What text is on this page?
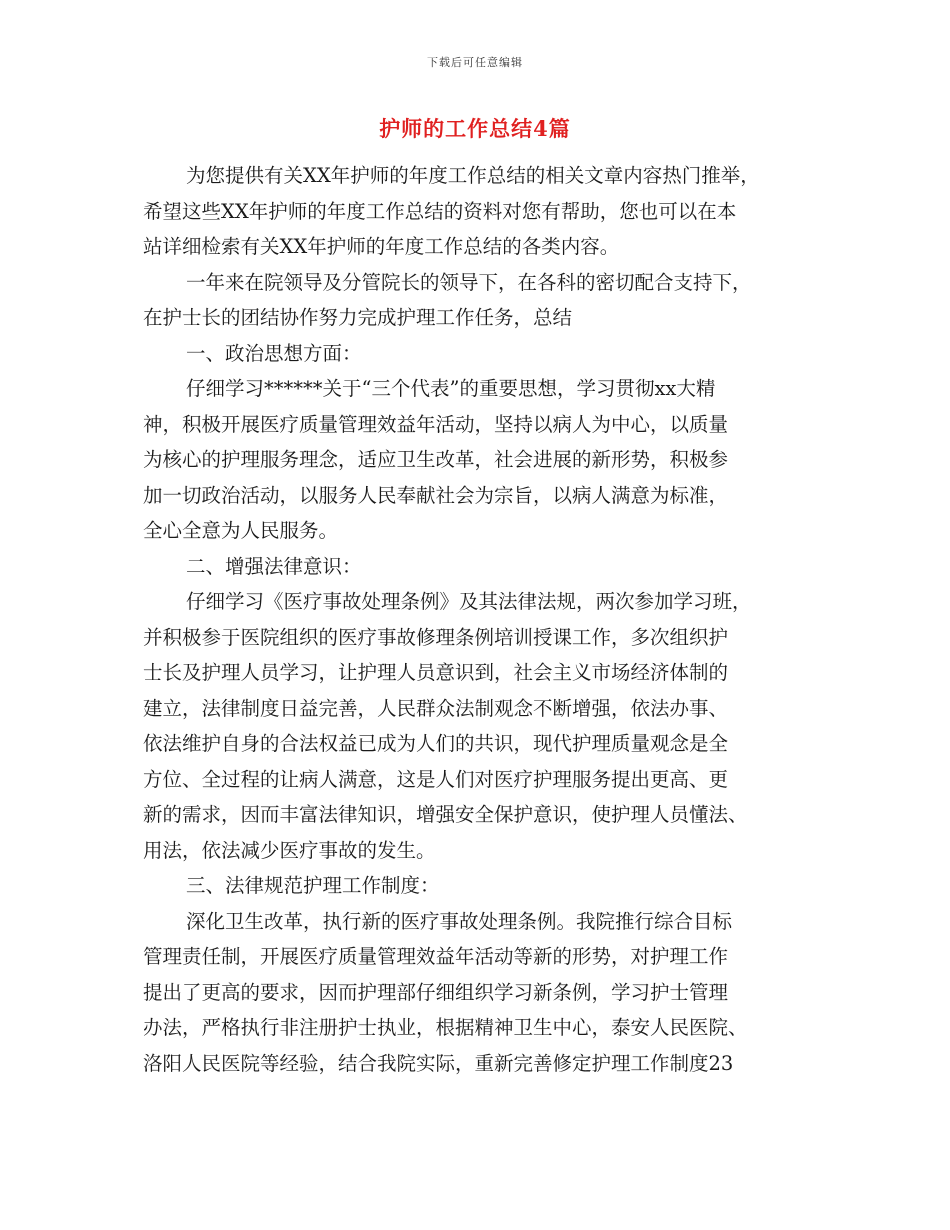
下载后可任意编辑
护师的工作总结4篇
为您提供有关XX年护师的年度工作总结的相关文章内容热门推举，
希望这些XX年护师的年度工作总结的资料对您有帮助，您也可以在本
站详细检索有关XX年护师的年度工作总结的各类内容。
一年来在院领导及分管院长的领导下，在各科的密切配合支持下，
在护士长的团结协作努力完成护理工作任务，总结
一、政治思想方面：
仔细学习******关于“三个代表”的重要思想，学习贯彻xx大精
神，积极开展医疗质量管理效益年活动，坚持以病人为中心，以质量
为核心的护理服务理念，适应卫生改革，社会进展的新形势，积极参
加一切政治活动，以服务人民奉献社会为宗旨，以病人满意为标准，
全心全意为人民服务。
二、增强法律意识：
仔细学习《医疗事故处理条例》及其法律法规，两次参加学习班，
并积极参于医院组织的医疗事故修理条例培训授课工作，多次组织护
士长及护理人员学习，让护理人员意识到，社会主义市场经济体制的
建立，法律制度日益完善，人民群众法制观念不断增强，依法办事、
依法维护自身的合法权益已成为人们的共识，现代护理质量观念是全
方位、全过程的让病人满意，这是人们对医疗护理服务提出更高、更
新的需求，因而丰富法律知识，增强安全保护意识，使护理人员懂法、
用法，依法减少医疗事故的发生。
三、法律规范护理工作制度：
深化卫生改革，执行新的医疗事故处理条例。我院推行综合目标
管理责任制，开展医疗质量管理效益年活动等新的形势，对护理工作
提出了更高的要求，因而护理部仔细组织学习新条例，学习护士管理
办法，严格执行非注册护士执业，根据精神卫生中心，泰安人民医院、
洛阳人民医院等经验，结合我院实际，重新完善修定护理工作制度23
